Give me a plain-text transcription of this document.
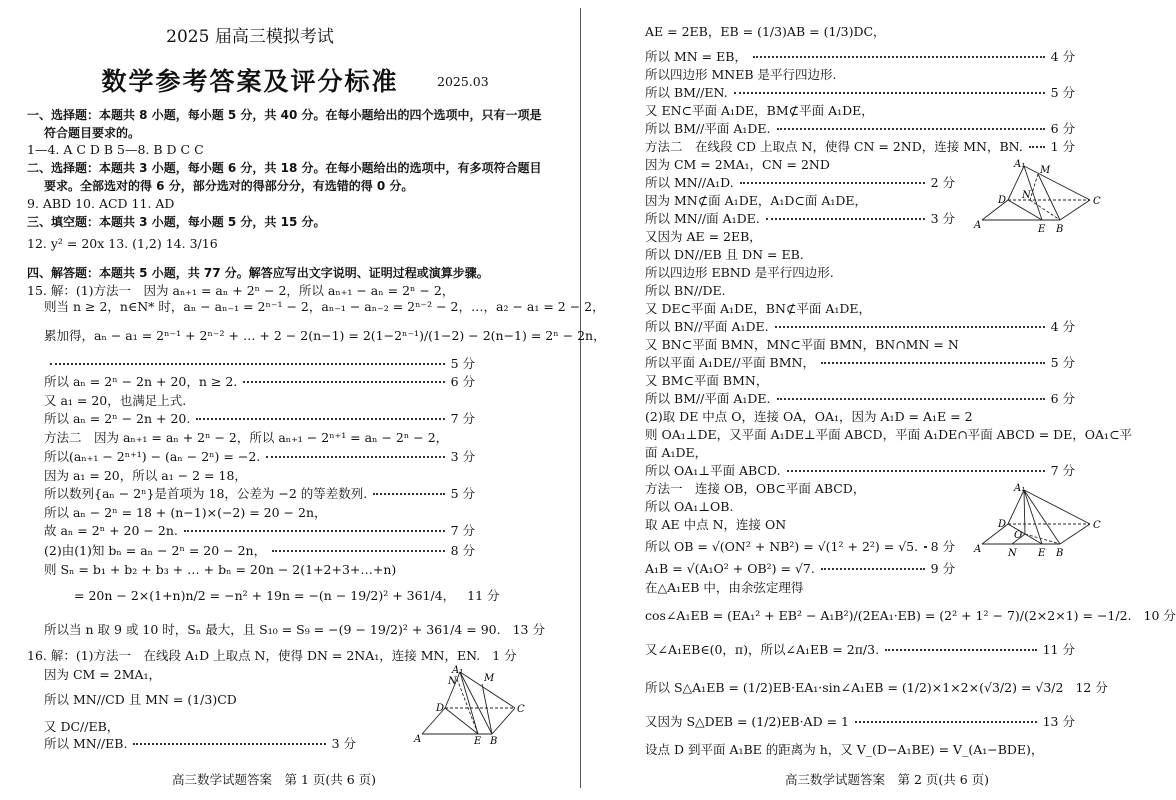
2025 届高三模拟考试
数学参考答案及评分标准	2025.03
一、选择题：本题共 8 小题，每小题 5 分，共 40 分。在每小题给出的四个选项中，只有一项是
符合题目要求的。
1—4. A C D B 5—8. B D C C
二、选择题：本题共 3 小题，每小题 6 分，共 18 分。在每小题给出的选项中，有多项符合题目
要求。全部选对的得 6 分，部分选对的得部分分，有选错的得 0 分。
9. ABD 10. ACD 11. AD
三、填空题：本题共 3 小题，每小题 5 分，共 15 分。
12. y² = 20x 13. (1,2) 14. 3/16
四、解答题：本题共 5 小题，共 77 分。解答应写出文字说明、证明过程或演算步骤。
15. 解：(1)方法一　因为 aₙ₊₁ = aₙ + 2ⁿ − 2，所以 aₙ₊₁ − aₙ = 2ⁿ − 2，
则当 n ≥ 2，n∈N* 时，aₙ − aₙ₋₁ = 2ⁿ⁻¹ − 2，aₙ₋₁ − aₙ₋₂ = 2ⁿ⁻² − 2，…，a₂ − a₁ = 2 − 2，
累加得，aₙ − a₁ = 2ⁿ⁻¹ + 2ⁿ⁻² + … + 2 − 2(n−1) = 2(1−2ⁿ⁻¹)/(1−2) − 2(n−1) = 2ⁿ − 2n，
5 分
所以 aₙ = 2ⁿ − 2n + 20，n ≥ 2.	6 分
又 a₁ = 20，也满足上式.
所以 aₙ = 2ⁿ − 2n + 20.	7 分
方法二　因为 aₙ₊₁ = aₙ + 2ⁿ − 2，所以 aₙ₊₁ − 2ⁿ⁺¹ = aₙ − 2ⁿ − 2，
所以(aₙ₊₁ − 2ⁿ⁺¹) − (aₙ − 2ⁿ) = −2.	3 分
因为 a₁ = 20，所以 a₁ − 2 = 18，
所以数列{aₙ − 2ⁿ}是首项为 18，公差为 −2 的等差数列.	5 分
所以 aₙ − 2ⁿ = 18 + (n−1)×(−2) = 20 − 2n，
故 aₙ = 2ⁿ + 20 − 2n.	7 分
(2)由(1)知 bₙ = aₙ − 2ⁿ = 20 − 2n，	8 分
则 Sₙ = b₁ + b₂ + b₃ + … + bₙ = 20n − 2(1+2+3+…+n)
= 20n − 2×(1+n)n/2 = −n² + 19n = −(n − 19/2)² + 361/4， 11 分
所以当 n 取 9 或 10 时，Sₙ 最大，且 S₁₀ = S₉ = −(9 − 19/2)² + 361/4 = 90. 13 分
16. 解：(1)方法一　在线段 A₁D 上取点 N，使得 DN = 2NA₁，连接 MN，EN. 1 分
因为 CM = 2MA₁，
所以 MN//CD 且 MN = (1/3)CD
又 DC//EB，
所以 MN//EB.	3 分
AE = 2EB，EB = (1/3)AB = (1/3)DC，
所以 MN = EB，	4 分
所以四边形 MNEB 是平行四边形.
所以 BM//EN.	5 分
又 EN⊂平面 A₁DE，BM⊄平面 A₁DE，
所以 BM//平面 A₁DE.	6 分
方法二　在线段 CD 上取点 N，使得 CN = 2ND，连接 MN，BN. 1 分
因为 CM = 2MA₁，CN = 2ND
所以 MN//A₁D.	2 分
因为 MN⊄面 A₁DE，A₁D⊂面 A₁DE，
所以 MN//面 A₁DE.	3 分
又因为 AE = 2EB，
所以 DN//EB 且 DN = EB.
所以四边形 EBND 是平行四边形.
所以 BN//DE.
又 DE⊂平面 A₁DE，BN⊄平面 A₁DE，
所以 BN//平面 A₁DE.	4 分
又 BN⊂平面 BMN，MN⊂平面 BMN，BN∩MN = N
所以平面 A₁DE//平面 BMN，	5 分
又 BM⊂平面 BMN，
所以 BM//平面 A₁DE.	6 分
(2)取 DE 中点 O，连接 OA，OA₁，因为 A₁D = A₁E = 2
则 OA₁⊥DE，又平面 A₁DE⊥平面 ABCD，平面 A₁DE∩平面 ABCD = DE，OA₁⊂平
面 A₁DE，
所以 OA₁⊥平面 ABCD.	7 分
方法一　连接 OB，OB⊂平面 ABCD，
所以 OA₁⊥OB.
取 AE 中点 N，连接 ON
所以 OB = √(ON² + NB²) = √(1² + 2²) = √5. 8 分
A₁B = √(A₁O² + OB²) = √7.	9 分
在△A₁EB 中，由余弦定理得
cos∠A₁EB = (EA₁² + EB² − A₁B²)/(2EA₁·EB) = (2² + 1² − 7)/(2×2×1) = −1/2. 10 分
又∠A₁EB∈(0，π)，所以∠A₁EB = 2π/3.	11 分
所以 S△A₁EB = (1/2)EB·EA₁·sin∠A₁EB = (1/2)×1×2×(√3/2) = √3/2 12 分
又因为 S△DEB = (1/2)EB·AD = 1	13 分
设点 D 到平面 A₁BE 的距离为 h，又 V_(D−A₁BE) = V_(A₁−BDE)，
高三数学试题答案　第 1 页(共 6 页)	高三数学试题答案　第 2 页(共 6 页)
A₁
N	M
D	C
A	E B
A₁
M
D N
C
A	E B
A₁
D
O
C
A	N E B
